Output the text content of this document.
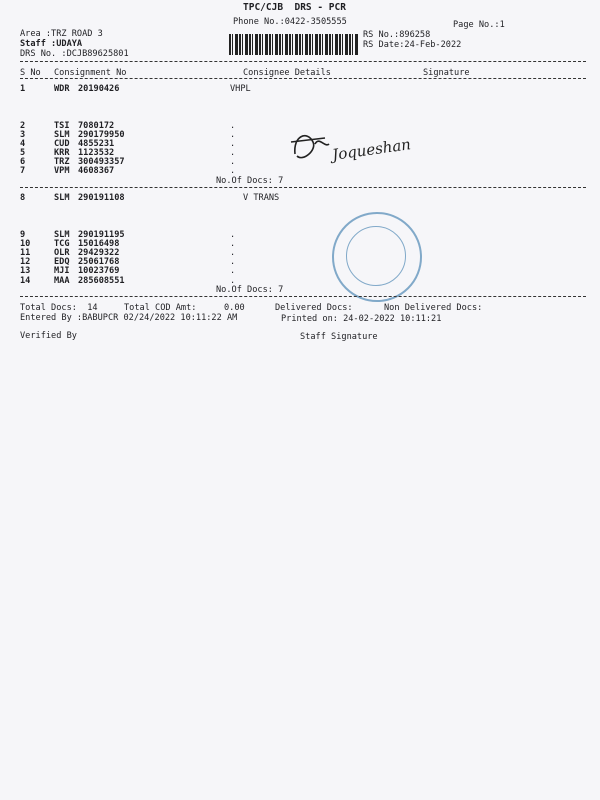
TPC/CJB  DRS - PCR
Phone No.:0422-3505555	Page No.:1
Area :TRZ ROAD 3
Staff :UDAYA
DRS No. :DCJB89625801
RS No.:896258
RS Date:24-Feb-2022
S No Consignment No	Consignee Details	Signature
1	WDR 20190426	VHPL
2	TSI 7080172
3	SLM 290179950
4	CUD 4855231
5	KRR 1123532
6	TRZ 300493357
7	VPM 4608367
.
.
.
.
.
.
No.Of Docs: 7
Joqueshan
8	SLM 290191108	V TRANS
9	SLM 290191195
10	TCG 15016498
11	OLR 29429322
12	EDQ 25061768
13	MJI 10023769
14	MAA 285608551
.
.
.
.
.
.
No.Of Docs: 7
Total Docs:  14	Total COD Amt:	0.00	Delivered Docs:	Non Delivered Docs:
Entered By :BABUPCR 02/24/2022 10:11:22 AM	Printed on: 24-02-2022 10:11:21
Verified By	Staff Signature
